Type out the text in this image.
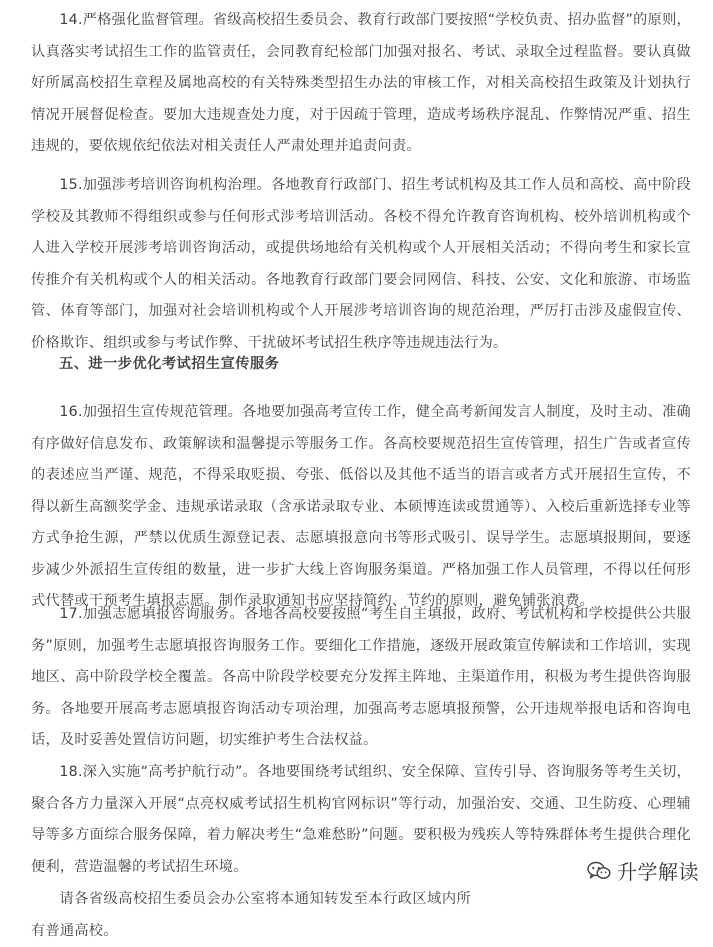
14.严格强化监督管理。省级高校招生委员会、教育行政部门要按照“学校负责、招办监督”的原则，认真落实考试招生工作的监管责任，会同教育纪检部门加强对报名、考试、录取全过程监督。要认真做好所属高校招生章程及属地高校的有关特殊类型招生办法的审核工作，对相关高校招生政策及计划执行情况开展督促检查。要加大违规查处力度，对于因疏于管理，造成考场秩序混乱、作弊情况严重、招生违规的，要依规依纪依法对相关责任人严肃处理并追责问责。

15.加强涉考培训咨询机构治理。各地教育行政部门、招生考试机构及其工作人员和高校、高中阶段学校及其教师不得组织或参与任何形式涉考培训活动。各校不得允许教育咨询机构、校外培训机构或个人进入学校开展涉考培训咨询活动，或提供场地给有关机构或个人开展相关活动；不得向考生和家长宣传推介有关机构或个人的相关活动。各地教育行政部门要会同网信、科技、公安、文化和旅游、市场监管、体育等部门，加强对社会培训机构或个人开展涉考培训咨询的规范治理，严厉打击涉及虚假宣传、价格欺诈、组织或参与考试作弊、干扰破坏考试招生秩序等违规违法行为。

五、进一步优化考试招生宣传服务

16.加强招生宣传规范管理。各地要加强高考宣传工作，健全高考新闻发言人制度，及时主动、准确有序做好信息发布、政策解读和温馨提示等服务工作。各高校要规范招生宣传管理，招生广告或者宣传的表述应当严谨、规范，不得采取贬损、夸张、低俗以及其他不适当的语言或者方式开展招生宣传，不得以新生高额奖学金、违规承诺录取（含承诺录取专业、本硕博连读或贯通等）、入校后重新选择专业等方式争抢生源，严禁以优质生源登记表、志愿填报意向书等形式吸引、误导学生。志愿填报期间，要逐步减少外派招生宣传组的数量，进一步扩大线上咨询服务渠道。严格加强工作人员管理，不得以任何形式代替或干预考生填报志愿。制作录取通知书应坚持简约、节约的原则，避免铺张浪费。

17.加强志愿填报咨询服务。各地各高校要按照“考生自主填报，政府、考试机构和学校提供公共服务”原则，加强考生志愿填报咨询服务工作。要细化工作措施，逐级开展政策宣传解读和工作培训，实现地区、高中阶段学校全覆盖。各高中阶段学校要充分发挥主阵地、主渠道作用，积极为考生提供咨询服务。各地要开展高考志愿填报咨询活动专项治理，加强高考志愿填报预警，公开违规举报电话和咨询电话，及时妥善处置信访问题，切实维护考生合法权益。

18.深入实施“高考护航行动”。各地要围绕考试组织、安全保障、宣传引导、咨询服务等考生关切，聚合各方力量深入开展“点亮权威考试招生机构官网标识”等行动，加强治安、交通、卫生防疫、心理辅导等多方面综合服务保障，着力解决考生“急难愁盼”问题。要积极为残疾人等特殊群体考生提供合理化便利，营造温馨的考试招生环境。

请各省级高校招生委员会办公室将本通知转发至本行政区域内所有普通高校。

升学解读
